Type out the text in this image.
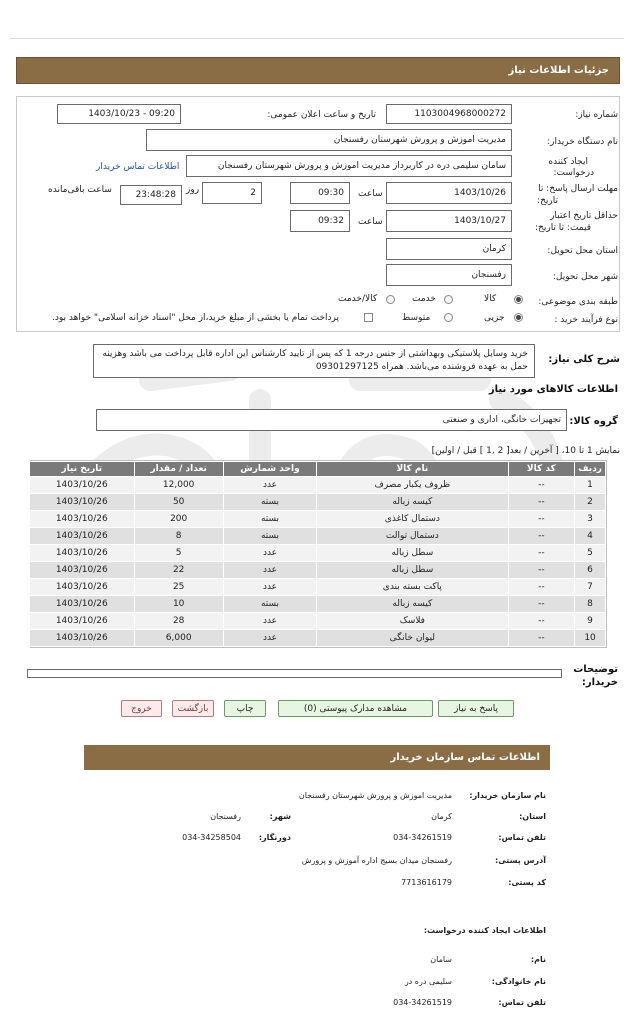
جزئیات اطلاعات نیاز
شماره نیاز:
1103004968000272
تاریخ و ساعت اعلان عمومی:
1403/10/23 - 09:20
نام دستگاه خریدار:
مدیریت اموزش و پرورش شهرستان رفسنجان
ایجاد کننده
درخواست:
سامان سلیمی دره در کاربرداز مدیریت اموزش و پرورش شهرستان رفسنجان
اطلاعات تماس خریدار
مهلت ارسال پاسخ: تا
تاریخ:
1403/10/26
ساعت
09:30
2
روز
23:48:28
ساعت باقی‌مانده
حداقل تاریخ اعتبار
قیمت: تا تاریخ:
1403/10/27
ساعت
09:32
استان محل تحویل:
کرمان
شهر محل تحویل:
رفسنجان
طبقه بندی موضوعی:
کالا
خدمت
کالا/خدمت
نوع فرآیند خرید :
جزیی
متوسط
پرداخت تمام یا بخشی از مبلغ خرید،از محل "اسناد خزانه اسلامی" خواهد بود.
شرح کلی نیاز:
خرید وسایل پلاستیکی وبهداشتی از جنس درجه 1 که پس از تایید کارشناس این اداره قابل پرداخت می باشد وهزینه حمل به عهده فروشنده می‌باشد. همراه 09301297125
اطلاعات کالاهای مورد نیاز
گروه کالا:
تجهیزات خانگی، اداری و صنعتی
نمایش 1 تا 10، [ آخرین / بعد[ 2 ,1 ] قبل / اولین]
ردیف	کد کالا	نام کالا	واحد شمارش	تعداد / مقدار	تاریخ نیاز
1	--	ظروف یکبار مصرف	عدد	12,000	1403/10/26
2	--	کیسه زباله	بسته	50	1403/10/26
3	--	دستمال کاغذی	بسته	200	1403/10/26
4	--	دستمال توالت	بسته	8	1403/10/26
5	--	سطل زباله	عدد	5	1403/10/26
6	--	سطل زباله	عدد	22	1403/10/26
7	--	پاکت بسته بندی	عدد	25	1403/10/26
8	--	کیسه زباله	بسته	10	1403/10/26
9	--	فلاسک	عدد	28	1403/10/26
10	--	لیوان خانگی	عدد	6,000	1403/10/26
توضیحات
خریدار:
پاسخ به نیاز
مشاهده مدارک پیوستی (0)
چاپ
بازگشت
خروج
اطلاعات تماس سازمان خریدار
نام سازمان خریدار:
مدیریت اموزش و پرورش شهرستان رفسنجان
استان:
کرمان
شهر:
رفسنجان
تلفن تماس:
034-34261519
دورنگار:
034-34258504
آدرس پستی:
رفسنجان میدان بسیج اداره آموزش و پرورش
کد پستی:
7713616179
اطلاعات ایجاد کننده درخواست:
نام:
سامان
نام خانوادگی:
سلیمی دره در
تلفن تماس:
034-34261519
